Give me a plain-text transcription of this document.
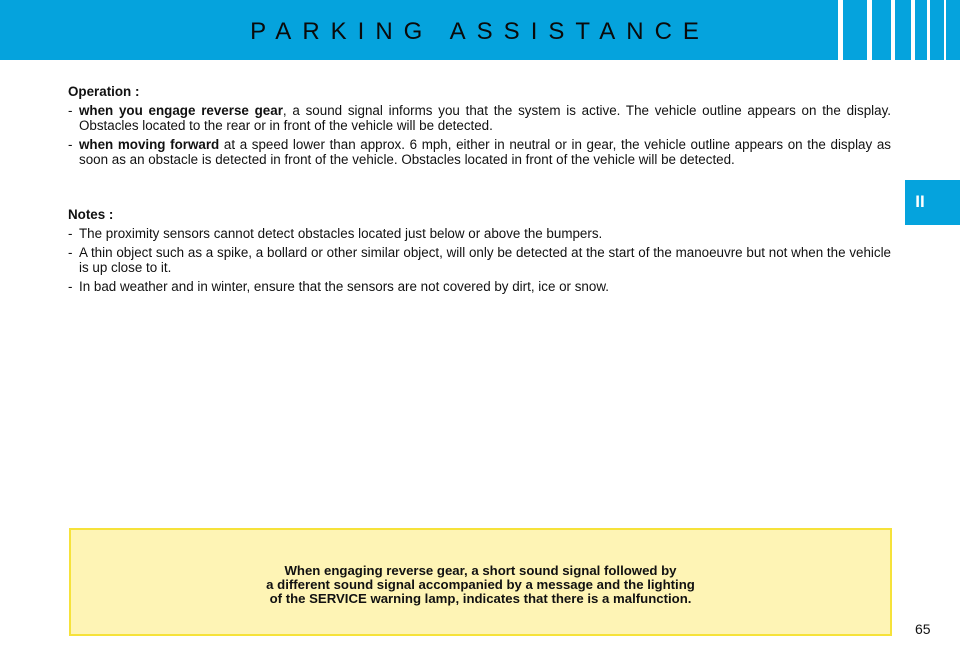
PARKING ASSISTANCE
II
Operation :
- when you engage reverse gear, a sound signal informs you that the system is active. The vehicle outline appears on the display. Obstacles located to the rear or in front of the vehicle will be detected.
- when moving forward at a speed lower than approx. 6 mph, either in neutral or in gear, the vehicle outline appears on the display as soon as an obstacle is detected in front of the vehicle. Obstacles located in front of the vehicle will be detected.
Notes :
- The proximity sensors cannot detect obstacles located just below or above the bumpers.
- A thin object such as a spike, a bollard or other similar object, will only be detected at the start of the manoeuvre but not when the vehicle is up close to it.
- In bad weather and in winter, ensure that the sensors are not covered by dirt, ice or snow.
When engaging reverse gear, a short sound signal followed by
a different sound signal accompanied by a message and the lighting
of the SERVICE warning lamp, indicates that there is a malfunction.
65
